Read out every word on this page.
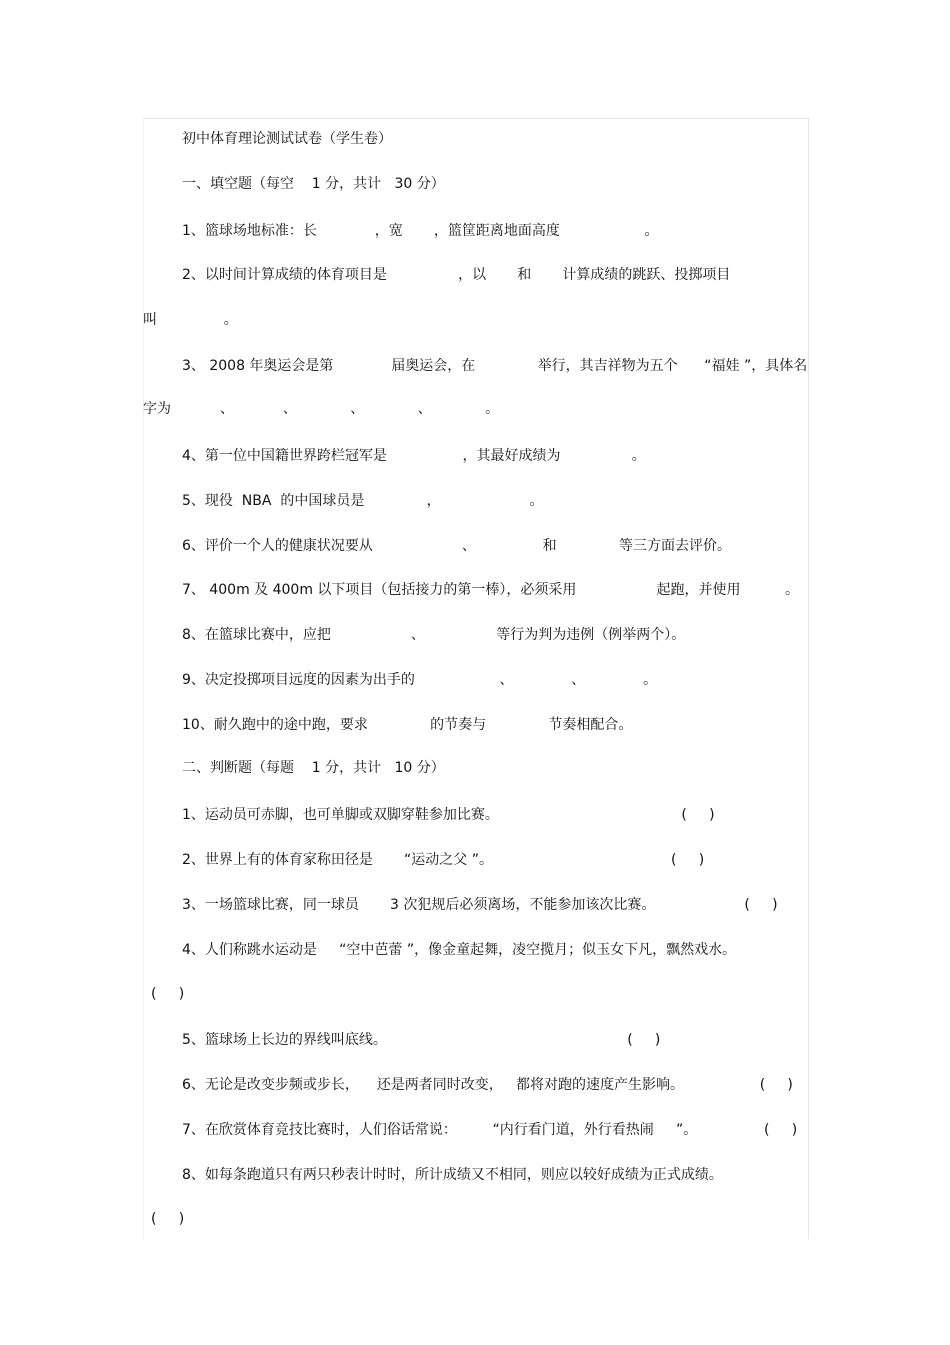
初中体育理论测试试卷（学生卷）

一、填空题（每空    1 分，共计   30 分）

1、篮球场地标准：长             ，宽       ，篮筐距离地面高度                   。

2、以时间计算成绩的体育项目是                ，以       和       计算成绩的跳跃、投掷项目

叫               。

3、 2008 年奥运会是第             届奥运会，在              举行，其吉祥物为五个      “福娃 ”，具体名

字为           、           、            、            、            。

4、第一位中国籍世界跨栏冠军是                 ，其最好成绩为                。

5、现役  NBA  的中国球员是              ，                    。

6、评价一个人的健康状况要从                    、               和              等三方面去评价。

7、 400m 及 400m 以下项目（包括接力的第一棒），必须采用                  起跑，并使用          。

8、在篮球比赛中，应把                  、                等行为判为违例（例举两个）。

9、决定投掷项目远度的因素为出手的                   、             、             。

10、耐久跑中的途中跑，要求              的节奏与              节奏相配合。

二、判断题（每题    1 分，共计   10 分）

1、运动员可赤脚，也可单脚或双脚穿鞋参加比赛。                                         (     )

2、世界上有的体育家称田径是       “运动之父 ”。                                        (     )

3、一场篮球比赛，同一球员       3 次犯规后必须离场，不能参加该次比赛。                    (     )

4、人们称跳水运动是     “空中芭蕾 ”，像金童起舞，凌空揽月；似玉女下凡，飘然戏水。

(     )

5、篮球场上长边的界线叫底线。                                                      (     )

6、无论是改变步频或步长，    还是两者同时改变，   都将对跑的速度产生影响。                 (     )

7、在欣赏体育竞技比赛时，人们俗话常说：        “内行看门道，外行看热闹     ”。               (     )

8、如每条跑道只有两只秒表计时时，所计成绩又不相同，则应以较好成绩为正式成绩。

(     )
